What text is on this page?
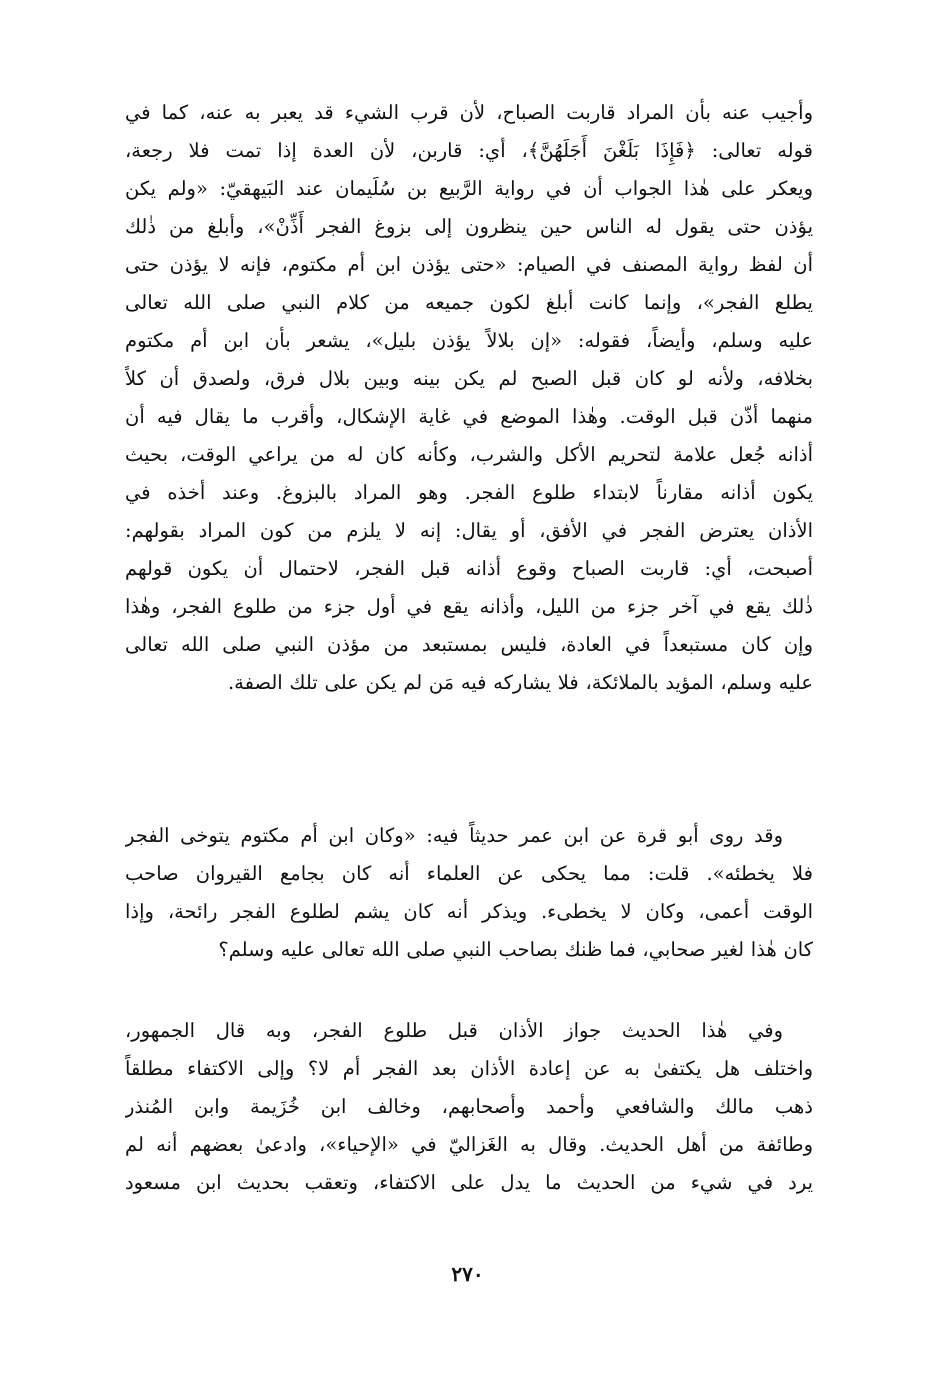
وأجيب عنه بأن المراد قاربت الصباح، لأن قرب الشيء قد يعبر به عنه، كما في
قوله تعالى: ﴿فَإِذَا بَلَغْنَ أَجَلَهُنَّ﴾، أي: قاربن، لأن العدة إذا تمت فلا رجعة،
ويعكر على هٰذا الجواب أن في رواية الرَّبيع بن سُلَيمان عند البَيهقيّ: «ولم يكن
يؤذن حتى يقول له الناس حين ينظرون إلى بزوغ الفجر أَذِّنْ»، وأبلغ من ذٰلك
أن لفظ رواية المصنف في الصيام: «حتى يؤذن ابن أم مكتوم، فإنه لا يؤذن حتى
يطلع الفجر»، وإنما كانت أبلغ لكون جميعه من كلام النبي صلى الله تعالى
عليه وسلم، وأيضاً، فقوله: «إن بلالاً يؤذن بليل»، يشعر بأن ابن أم مكتوم
بخلافه، ولأنه لو كان قبل الصبح لم يكن بينه وبين بلال فرق، ولصدق أن كلاً
منهما أذّن قبل الوقت. وهٰذا الموضع في غاية الإشكال، وأقرب ما يقال فيه أن
أذانه جُعل علامة لتحريم الأكل والشرب، وكأنه كان له من يراعي الوقت، بحيث
يكون أذانه مقارناً لابتداء طلوع الفجر. وهو المراد بالبزوغ. وعند أخذه في
الأذان يعترض الفجر في الأفق، أو يقال: إنه لا يلزم من كون المراد بقولهم:
أصبحت، أي: قاربت الصباح وقوع أذانه قبل الفجر، لاحتمال أن يكون قولهم
ذٰلك يقع في آخر جزء من الليل، وأذانه يقع في أول جزء من طلوع الفجر، وهٰذا
وإن كان مستبعداً في العادة، فليس بمستبعد من مؤذن النبي صلى الله تعالى
عليه وسلم، المؤيد بالملائكة، فلا يشاركه فيه مَن لم يكن على تلك الصفة.
وقد روى أبو قرة عن ابن عمر حديثاً فيه: «وكان ابن أم مكتوم يتوخى الفجر
فلا يخطئه». قلت: مما يحكى عن العلماء أنه كان بجامع القيروان صاحب
الوقت أعمى، وكان لا يخطىء. ويذكر أنه كان يشم لطلوع الفجر رائحة، وإذا
كان هٰذا لغير صحابي، فما ظنك بصاحب النبي صلى الله تعالى عليه وسلم؟
وفي هٰذا الحديث جواز الأذان قبل طلوع الفجر، وبه قال الجمهور،
واختلف هل يكتفىٰ به عن إعادة الأذان بعد الفجر أم لا؟ وإلى الاكتفاء مطلقاً
ذهب مالك والشافعي وأحمد وأصحابهم، وخالف ابن خُزَيمة وابن المُنذر
وطائفة من أهل الحديث. وقال به الغَزاليّ في «الإحياء»، وادعىٰ بعضهم أنه لم
يرد في شيء من الحديث ما يدل على الاكتفاء، وتعقب بحديث ابن مسعود
٢٧٠
